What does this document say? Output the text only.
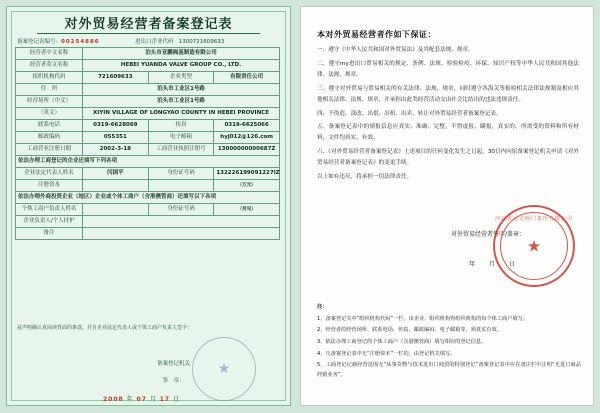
对外贸易经营者备案登记表
备案登记表编号：00254886	进出口企业代码 1300721609633
经营者中文名称	泊头市亚鹏阀基制造有限公司		
经营者英文名称	HEBEI YUANDA VALVE GROUP CO., LTD.		
组织机构代码	721609633	企业类型	有限责任公司
住　所	泊头市工业区1号路		
经营场所（中文）	泊头市工业区1号路		
（英文）	XIYIN VILLAGE OF LONGYAO COUNTY IN HEBEI PROVINCE		
联系电话	0319-6628069	传真	0319-6625066
邮政编码	055351	电子邮箱	hyj012@126.com
工商营业注册日期	2002-3-18	工商营业执照注册号	13000000000687Z
依法办理工商登记的企业还填写下列各项			
企业法定代表人姓名	闫国平	身份证号码	132226199091227IZ
注册资本			（万元）
依法办理外商投资企业（地区）企业或个体工商户（含港澳管商）还填写以下各项			
个体工商户负责人姓名		身份证号码	（另见）
企业负责人/个人持护			
备注			
兹声明确认真阅读背面的条款，并自企业法定代表人或个体工商户负责人签字：
备案登记机关
签　章：
★
2008 年 07 月 17 日
本对外贸易经营者作如下保证：

一、遵守《中华人民共和国对外贸易法》及其配套法规、规章。

二、遵守my进出口贸易相关的规定、条例、法规、检验检疫、环保、知识产权等中华人民共和国其他法律、法规、规章。

三、遵守对外贸易与贸易相关的有关法律、法规、规章，同时遵守各海关等报检相关法律法规制及相应其他相关法律、法规、规章，并承担由此类经营活动交由社会比结出的违法违规责任。

四、不伪造、涂改、出借、出租、出卖、转让对外贸易经营者备案登记表。

五、备案登记表中的填报信息应真实、准确、完整，不得虚报、瞒报，真实的、所需受的资料和所有材料、文件均真实、有效。

六、《对外贸易经营者备案登记表》上述项目的任何变化发生之日起，30日内向原备案登记机关申请《对外贸易经营者备案登记表》的变更手续。

以上如有违反，将承担一切法律责任。

对外贸易经营者签字/盖章：
河北省远达阀门集团有限公司
★
年 月 日

注：

1、备案登记关中“组织机构代码”一栏，由企业、组织机构得组织机构的每个体工商户填写。

2、经营者的经营场所、联系电话、传真、邮政编码、电子邮箱等，须真实有效。

3、依法办理工商登记的个体工商户（含港澳管商）填写相应的登记信息。

4、凡备案登记表中无“注册资本”一栏的，由登记机关填写。

5、工商登记记载经营范围无“从事货物与技术进出口商贸的特别登记”备案登记表中应在备注栏中注明“无进口商品经销业务”。
